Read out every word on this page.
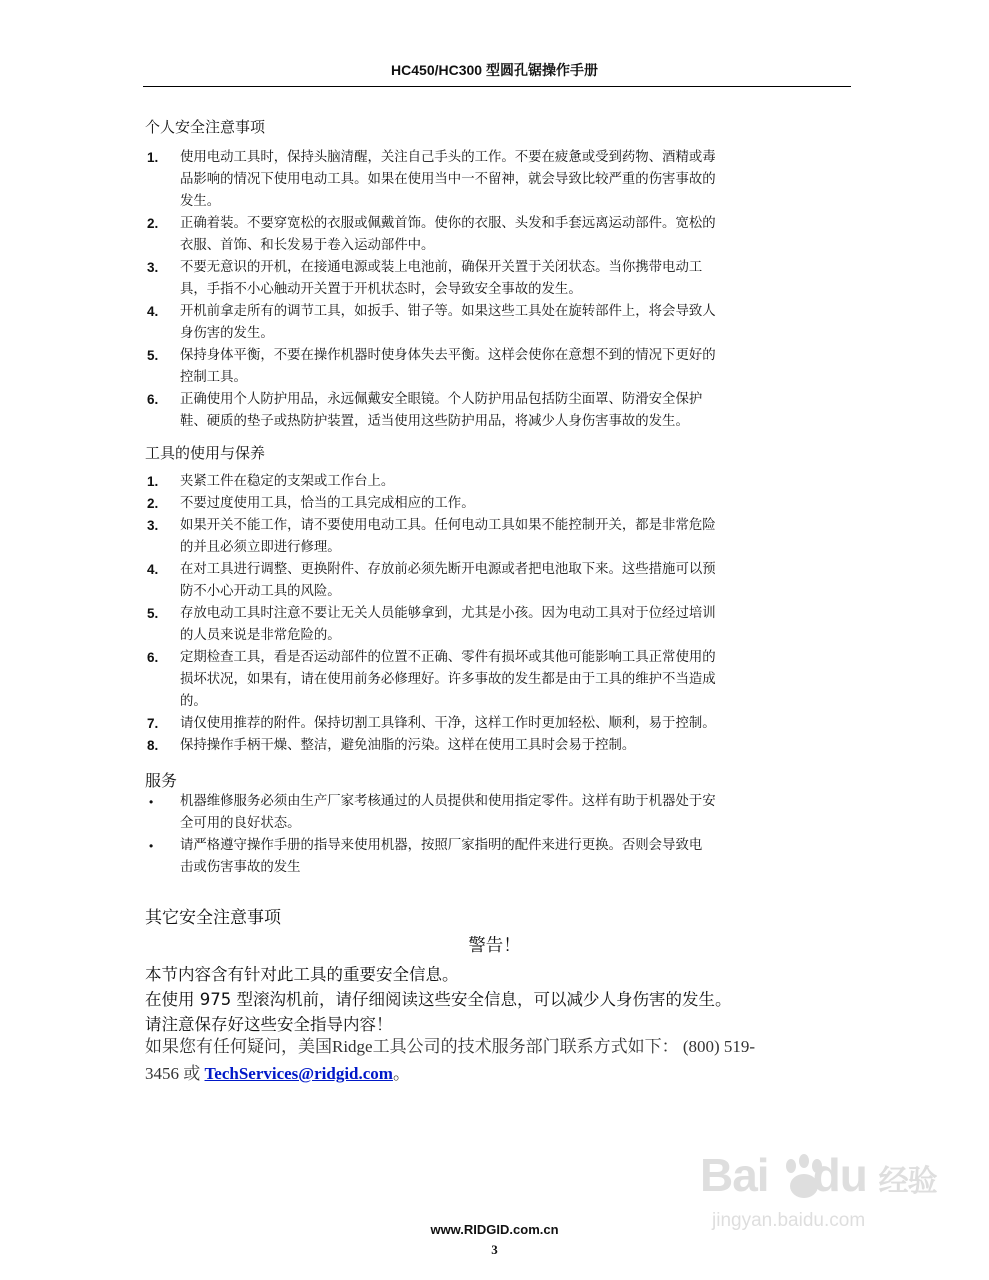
HC450/HC300 型圆孔锯操作手册
个人安全注意事项
1. 使用电动工具时，保持头脑清醒，关注自己手头的工作。不要在疲惫或受到药物、酒精或毒
品影响的情况下使用电动工具。如果在使用当中一不留神，就会导致比较严重的伤害事故的
发生。
2. 正确着装。不要穿宽松的衣服或佩戴首饰。使你的衣服、头发和手套远离运动部件。宽松的
衣服、首饰、和长发易于卷入运动部件中。
3. 不要无意识的开机，在接通电源或装上电池前，确保开关置于关闭状态。当你携带电动工
具，手指不小心触动开关置于开机状态时，会导致安全事故的发生。
4. 开机前拿走所有的调节工具，如扳手、钳子等。如果这些工具处在旋转部件上，将会导致人
身伤害的发生。
5. 保持身体平衡，不要在操作机器时使身体失去平衡。这样会使你在意想不到的情况下更好的
控制工具。
6. 正确使用个人防护用品，永远佩戴安全眼镜。个人防护用品包括防尘面罩、防滑安全保护
鞋、硬质的垫子或热防护装置，适当使用这些防护用品，将减少人身伤害事故的发生。
工具的使用与保养
1. 夹紧工件在稳定的支架或工作台上。
2. 不要过度使用工具，恰当的工具完成相应的工作。
3. 如果开关不能工作，请不要使用电动工具。任何电动工具如果不能控制开关，都是非常危险
的并且必须立即进行修理。
4. 在对工具进行调整、更换附件、存放前必须先断开电源或者把电池取下来。这些措施可以预
防不小心开动工具的风险。
5. 存放电动工具时注意不要让无关人员能够拿到，尤其是小孩。因为电动工具对于位经过培训
的人员来说是非常危险的。
6. 定期检查工具，看是否运动部件的位置不正确、零件有损坏或其他可能影响工具正常使用的
损坏状况，如果有，请在使用前务必修理好。许多事故的发生都是由于工具的维护不当造成
的。
7. 请仅使用推荐的附件。保持切割工具锋利、干净，这样工作时更加轻松、顺利，易于控制。
8. 保持操作手柄干燥、整洁，避免油脂的污染。这样在使用工具时会易于控制。
服务
• 机器维修服务必须由生产厂家考核通过的人员提供和使用指定零件。这样有助于机器处于安
全可用的良好状态。
• 请严格遵守操作手册的指导来使用机器，按照厂家指明的配件来进行更换。否则会导致电
击或伤害事故的发生
其它安全注意事项
警告！
本节内容含有针对此工具的重要安全信息。
在使用 975 型滚沟机前，请仔细阅读这些安全信息，可以减少人身伤害的发生。
请注意保存好这些安全指导内容！
如果您有任何疑问，美国Ridge工具公司的技术服务部门联系方式如下： (800) 519-
3456 或 TechServices@ridgid.com。
Bai du 经验
jingyan.baidu.com
www.RIDGID.com.cn
3
